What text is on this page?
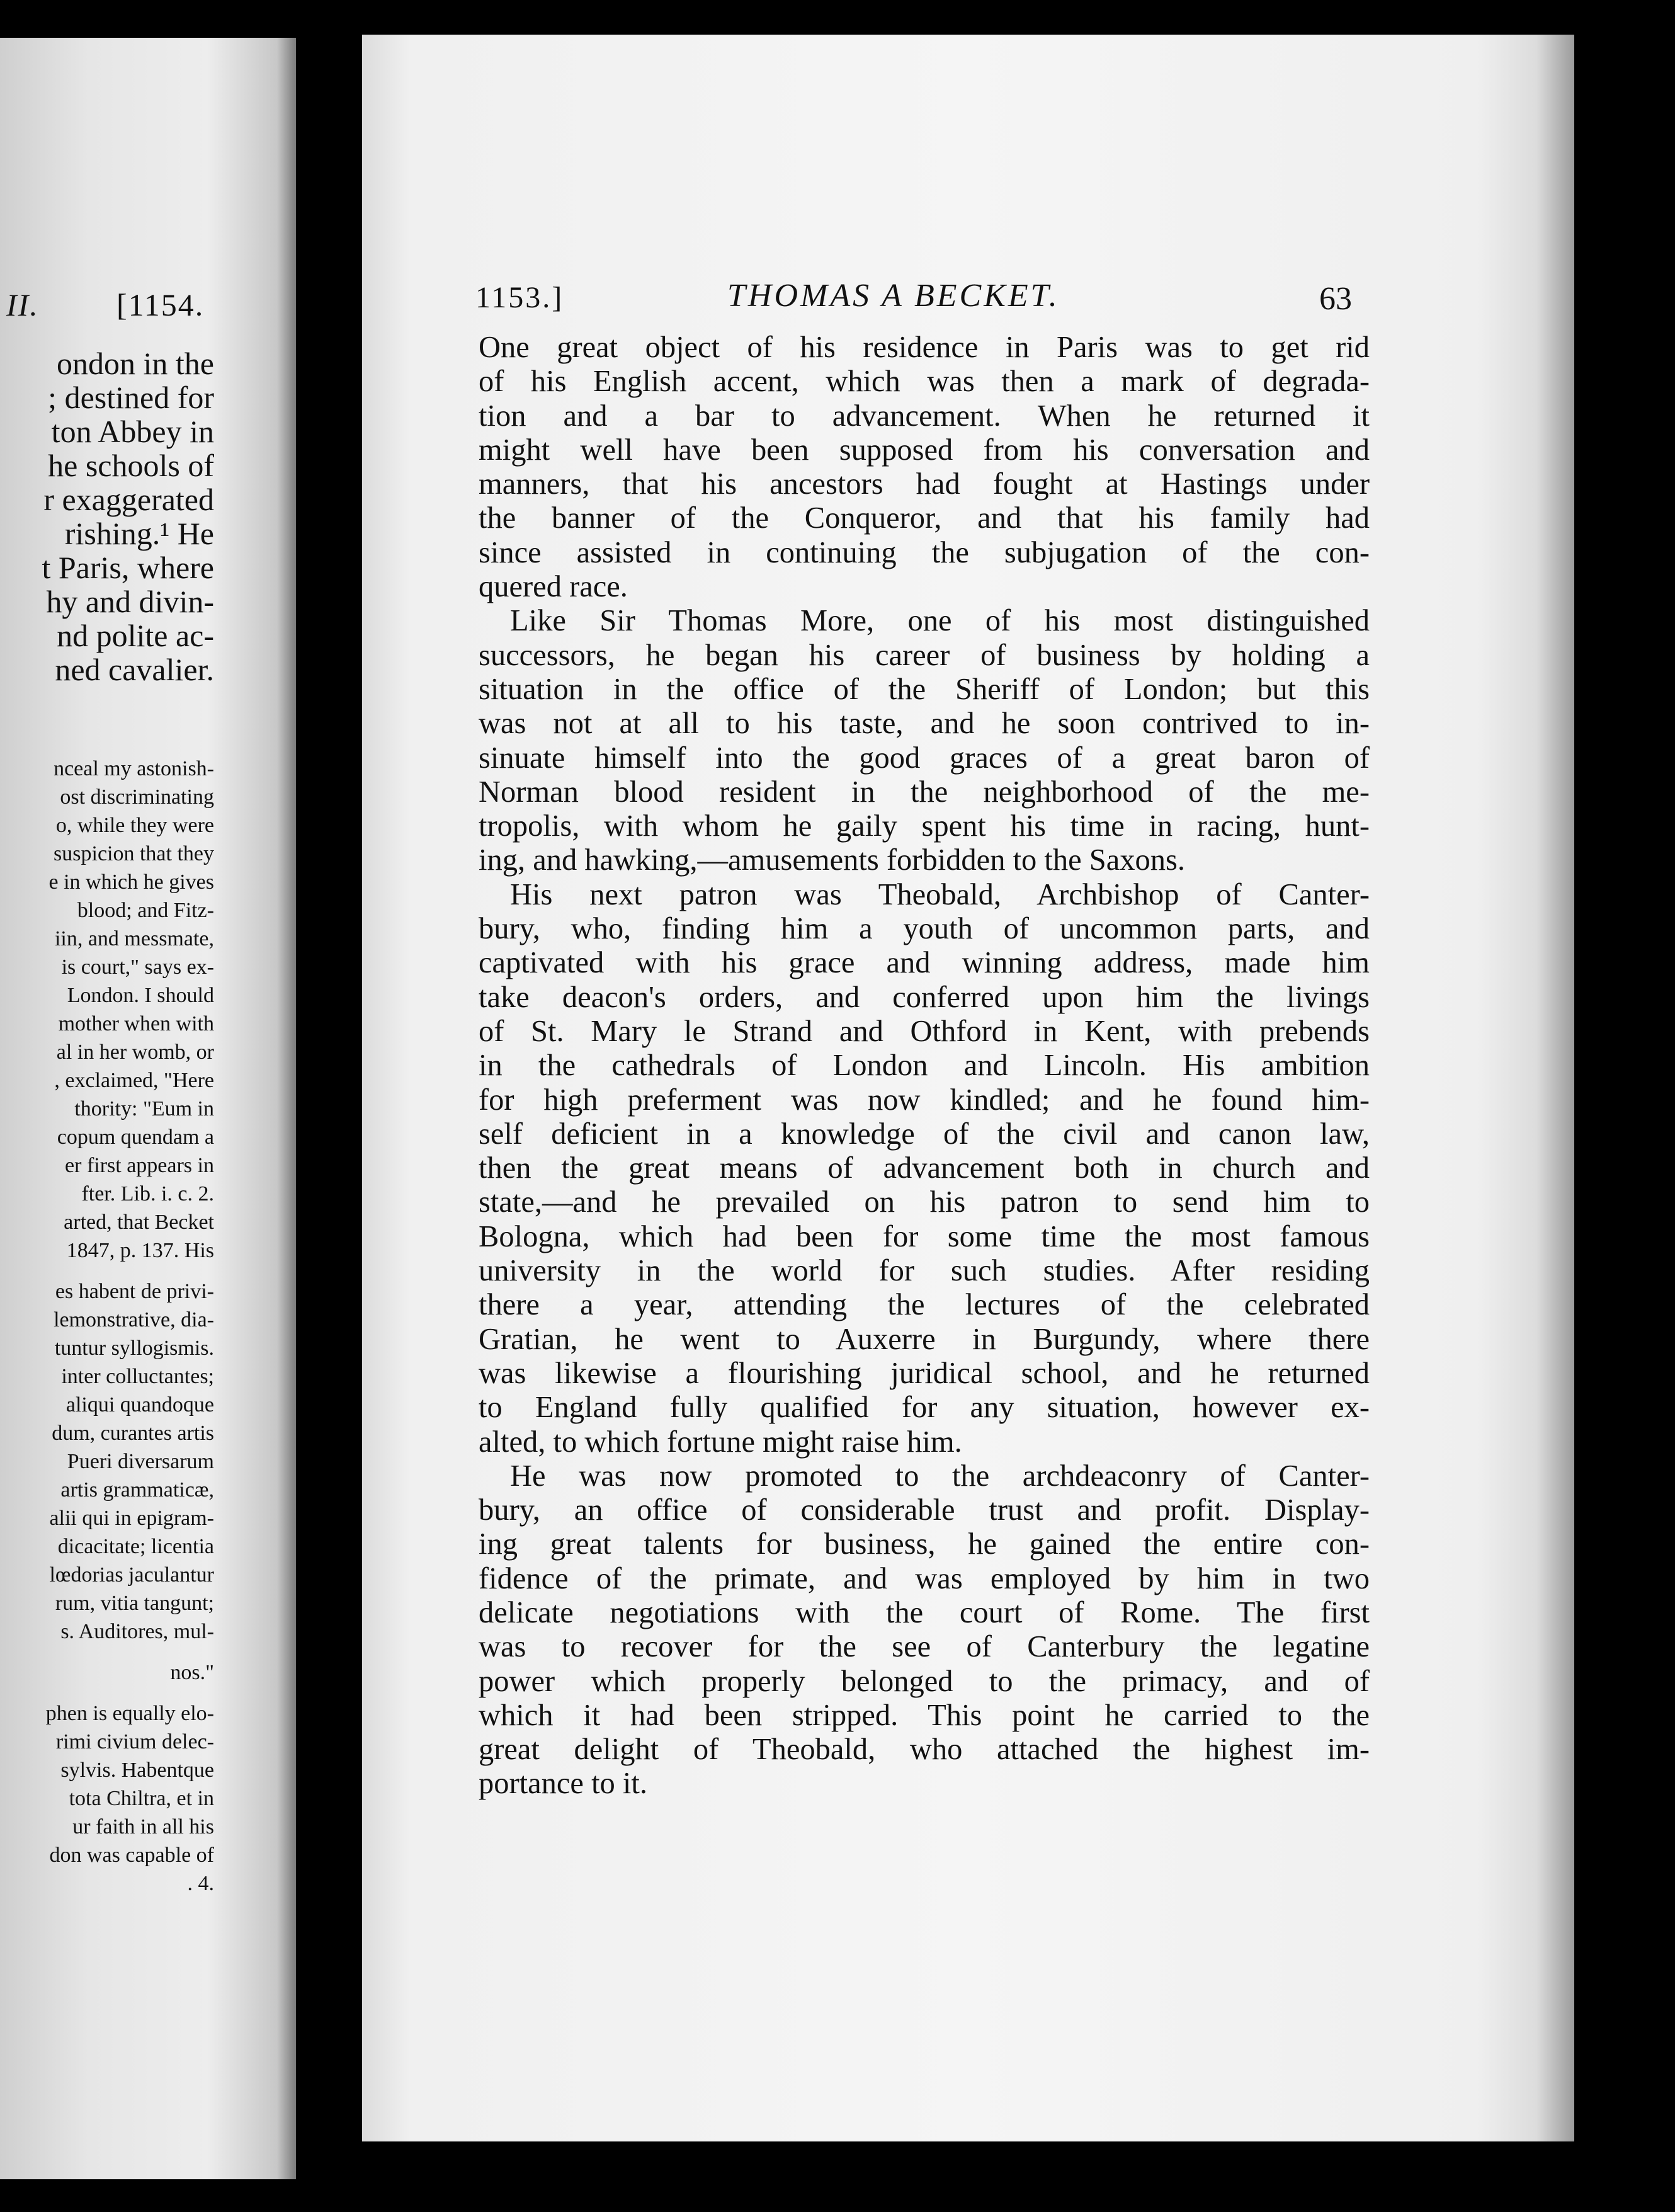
II. [1154.
ondon in the
; destined for
ton Abbey in
he schools of
r exaggerated
rishing.¹ He
t Paris, where
hy and divin-
nd polite ac-
ned cavalier.
nceal my astonish-
ost discriminating
o, while they were
suspicion that they
e in which he gives
blood; and Fitz-
iin, and messmate,
is court," says ex-
London. I should
mother when with
al in her womb, or
, exclaimed, "Here
thority: "Eum in
copum quendam a
er first appears in
fter. Lib. i. c. 2.
arted, that Becket
1847, p. 137. His
es habent de privi-
lemonstrative, dia-
tuntur syllogismis.
inter colluctantes;
aliqui quandoque
dum, curantes artis
Pueri diversarum
artis grammaticæ,
alii qui in epigram-
dicacitate; licentia
lœdorias jaculantur
rum, vitia tangunt;
s. Auditores, mul-
nos."
phen is equally elo-
rimi civium delec-
sylvis. Habentque
tota Chiltra, et in
ur faith in all his
don was capable of
. 4.
1153.]	THOMAS A BECKET.	63
One great object of his residence in Paris was to get rid
of his English accent, which was then a mark of degrada-
tion and a bar to advancement. When he returned it
might well have been supposed from his conversation and
manners, that his ancestors had fought at Hastings under
the banner of the Conqueror, and that his family had
since assisted in continuing the subjugation of the con-
quered race.
Like Sir Thomas More, one of his most distinguished
successors, he began his career of business by holding a
situation in the office of the Sheriff of London; but this
was not at all to his taste, and he soon contrived to in-
sinuate himself into the good graces of a great baron of
Norman blood resident in the neighborhood of the me-
tropolis, with whom he gaily spent his time in racing, hunt-
ing, and hawking,—amusements forbidden to the Saxons.
His next patron was Theobald, Archbishop of Canter-
bury, who, finding him a youth of uncommon parts, and
captivated with his grace and winning address, made him
take deacon's orders, and conferred upon him the livings
of St. Mary le Strand and Othford in Kent, with prebends
in the cathedrals of London and Lincoln. His ambition
for high preferment was now kindled; and he found him-
self deficient in a knowledge of the civil and canon law,
then the great means of advancement both in church and
state,—and he prevailed on his patron to send him to
Bologna, which had been for some time the most famous
university in the world for such studies. After residing
there a year, attending the lectures of the celebrated
Gratian, he went to Auxerre in Burgundy, where there
was likewise a flourishing juridical school, and he returned
to England fully qualified for any situation, however ex-
alted, to which fortune might raise him.
He was now promoted to the archdeaconry of Canter-
bury, an office of considerable trust and profit. Display-
ing great talents for business, he gained the entire con-
fidence of the primate, and was employed by him in two
delicate negotiations with the court of Rome. The first
was to recover for the see of Canterbury the legatine
power which properly belonged to the primacy, and of
which it had been stripped. This point he carried to the
great delight of Theobald, who attached the highest im-
portance to it.
